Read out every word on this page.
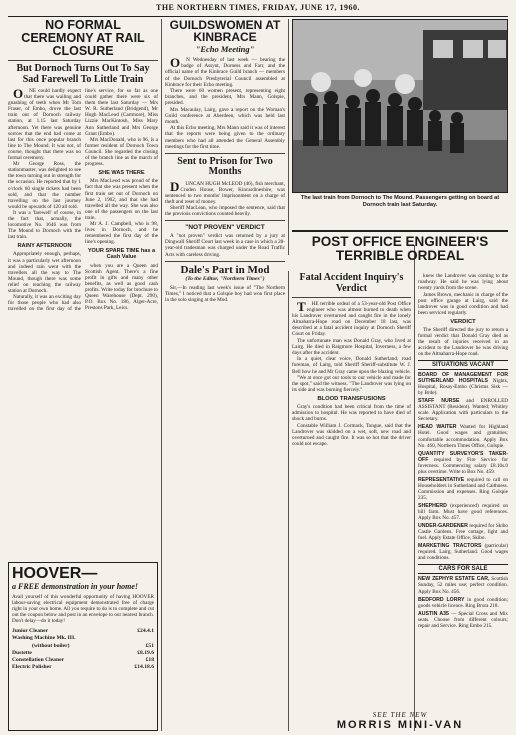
THE NORTHERN TIMES, FRIDAY, JUNE 17, 1960.
NO FORMAL CEREMONY AT RAIL CLOSURE
But Dornoch Turns Out To Say Sad Farewell To Little Train

ONE could hardly expect that there was wailing and gnashing of teeth when Mr Tom Fraser, of Embo, drove the last train out of Dornoch railway station, at 1.15 last Saturday afternoon. Yet there was genuine sorrow that the end had come at last for this once popular branch line to The Mound. It was not, of course, thought that there was no formal ceremony.

Mr George Ross, the stationmaster, was delighted to see the town turning out in strength for the occasion. He reported that by 1 o'clock 60 single tickets had been sold, and that the number travelling on the last journey would be upwards of 120 all told.

It was a 'farewell' of course, in the fact that, actually, the locomotive No. 1646 was from The Mound to Dornoch with the last train.

RAINY AFTERNOON

Appropriately enough, perhaps, it was a particularly wet afternoon and indeed rain went with the travellers all the way to The Mound, though there was some relief on reaching the railway station at Dornoch.

Naturally, it was an exciting day for those people who had also travelled on the first day of the line's service, for so far as one could gather there were six of them there last Saturday — Mrs W. R. Sutherland (Bridgend), Mr Hugh MacLeod (Cartmore), Miss Lizzie MacKintosh, Miss Mary Ann Sutherland and Mrs George Grant (Embo).

Mrs MacDonald, who is 96, is a former resident of Dornoch Town Council. She regarded the closing of the branch line as the march of progress.

SHE WAS THERE

Mrs MacLeod was proud of the fact that she was present when the first train set out of Dornoch on June 2, 1902, and that she had travelled all the way. She was also one of the passengers on the last train.

Mr A. J. Campbell, who is 98, lives in Dornoch, and he remembered the first day of the line's opening.

YOUR SPARE TIME has a Cash Value

when you are a Queen and Scottish Agent. There's a fine profit in gifts and many other benefits, as well as good cash profits. Write today for brochure to Queen Warehouse (Dept. 290), P.O. Box No. 186, Alger-Acre, Prestons Park, Leics.

HOOVER—
a FREE demonstration in your home!
Avail yourself of this wonderful opportunity of having HOOVER labour-saving electrical equipment demonstrated free of charge right in your own home. All you require to do is to complete and cut out the coupon below and post in an envelope to our nearest branch. Don't delay—do it today!
Junior Cleaner	£24.4.1
Washing Machine Mk. III.
(without boiler)	£51
Dustette	£8.19.6
Constellation Cleaner	£18
Electric Polisher	£14.18.6
GUILDSWOMEN AT KINBRACE
"Echo Meeting"

ON Wednesday of last week — bearing the badge of Assynt, Durness and Farr, and the official name of the Kinbrace Guild branch — members of the Dornoch Presbyterial Council assembled at Kinbrace for their Echo meeting.

There were 60 women present, representing eight branches, and the president, Mrs Mann, Golspie, presided.

Mrs Macaulay, Lairg, gave a report on the Woman's Guild conference at Aberdeen, which was held last month.

At this Echo meeting, Mrs Mann said it was of interest that the reports were being given to the ordinary members who had all attended the General Assembly meetings for the first time.

Sent to Prison for Two Months

DUNCAN HUGH McLEOD (46), fish merchant, Cruden House, Bower, Kincardineshire, was sentenced to two months' imprisonment on a charge of theft and reset of money.

Sheriff MacLean, who imposed the sentence, said that the previous convictions counted heavily.

"NOT PROVEN" VERDICT

A "not proven" verdict was returned by a jury at Dingwall Sheriff Court last week in a case in which a 28-year-old tradesman was charged under the Road Traffic Acts with careless driving.

Dale's Part in Mod
(To the Editor, "Northern Times")

Sir,—In reading last week's issue of "The Northern Times," I noticed that a Golspie boy had won first place in the solo singing at the Mod.

The last train from Dornoch to The Mound. Passengers getting on board at Dornoch train last Saturday.
POST OFFICE ENGINEER'S TERRIBLE ORDEAL
Fatal Accident Inquiry's Verdict

THE terrible ordeal of a 53-year-old Post Office engineer who was almost burned to death when his Landrover overturned and caught fire in the lonely Altnaharra-Hope road on December 18 last, was described at a fatal accident inquiry at Dornoch Sheriff Court on Friday.

The unfortunate man was Donald Gray, who lived at Lairg. He died in Raigmore Hospital, Inverness, a few days after the accident.

In a quiet, clear voice, Donald Sutherland, road foreman, of Lairg, told Sheriff Sheriff-substitute W. J. Bell how he and Mr Gray came upon the blazing vehicle.

"We at once got our tools to our vehicle and made for the spot," said the witness. "The Landrover was lying on its side and was burning fiercely."

BLOOD TRANSFUSIONS

Gray's condition had been critical from the time of admission to hospital. He was reported to have died of shock and burns.

Constable William J. Cormack, Tongue, said that the Landrover was skidded on a wet, soft, new road and overturned and caught fire. It was so hot that the driver could not escape.

knew the Landrover was coming to the roadway. He said he was lying about twenty yards from the scene.

James Brown, mechanic in charge of the post office garage at Lairg, said the landrover was in good condition and had been serviced regularly.

VERDICT

The Sheriff directed the jury to return a formal verdict that Donald Gray died as the result of injuries received in an accident to the Landrover he was driving on the Altnaharra-Hope road.

SITUATIONS VACANT
BOARD OF MANAGEMENT FOR SUTHERLAND HOSPITALS Nights, Hospital, Rosay-Embo (Christus Sisk — by Brde).
STAFF NURSE and ENROLLED ASSISTANT (Resident). Wanted; Whitley scale. Application with particulars to the Secretary.
HEAD WAITER Wanted for Highland Hotel. Good wages and gratuities; comfortable accommodation. Apply Box No. 460, Northern Times Office, Golspie.
QUANTITY SURVEYOR'S TAKER-OFF required by Fire Service for Inverness. Commencing salary £8.10s.0 plus overtime. Write to Box No. 459.
REPRESENTATIVE required to call on Householders in Sutherland and Caithness. Commission and expenses. Ring Golspie 235.
SHEPHERD (experienced) required on hill farm. Must have good references. Apply Box No. 457.
UNDER-GARDENER required for Skibo Castle Gardens. Free cottage, light and fuel. Apply Estate Office, Skibo.
MARKETING TRACTORS (particular) required. Lairg, Sutherland. Good wages and conditions.
CARS FOR SALE
NEW ZEPHYR ESTATE CAR, Scottish Sunday, 52 miles use; perfect condition. Apply Box No. 456.
BEDFORD LORRY in good condition; goods vehicle licence. Ring Brora 218.
AUSTIN A35 — Special Cross and Mix seats. Choose from different colours; repair and Service. Ring Embo 215.
SEE THE NEW
MORRIS MINI-VAN
